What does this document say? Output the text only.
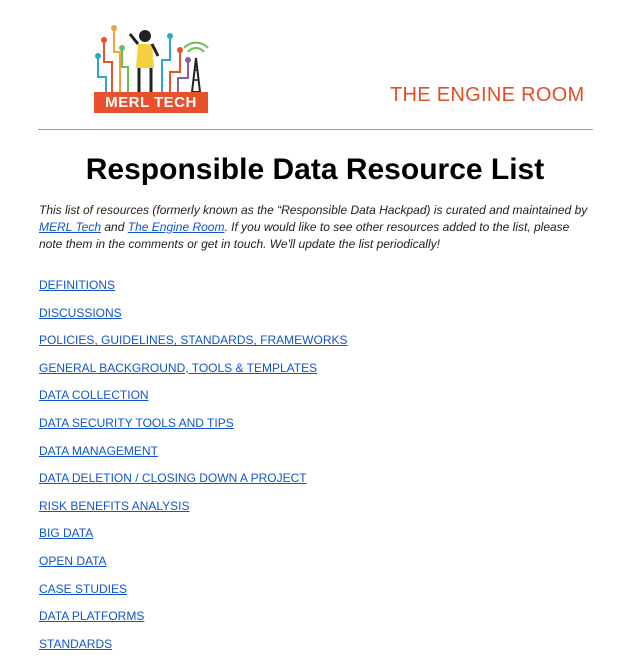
MERL TECH	THE ENGINE ROOM
Responsible Data Resource List

This list of resources (formerly known as the “Responsible Data Hackpad) is curated and maintained by MERL Tech and The Engine Room. If you would like to see other resources added to the list, please note them in the comments or get in touch. We'll update the list periodically!

DEFINITIONS
DISCUSSIONS
POLICIES, GUIDELINES, STANDARDS, FRAMEWORKS
GENERAL BACKGROUND, TOOLS & TEMPLATES
DATA COLLECTION
DATA SECURITY TOOLS AND TIPS
DATA MANAGEMENT
DATA DELETION / CLOSING DOWN A PROJECT
RISK BENEFITS ANALYSIS
BIG DATA
OPEN DATA
CASE STUDIES
DATA PLATFORMS
STANDARDS
